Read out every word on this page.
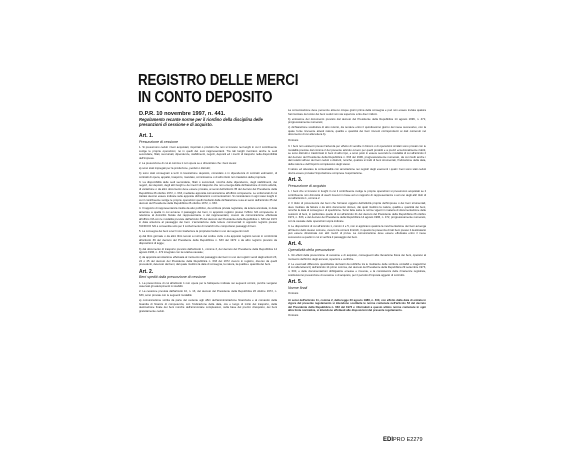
REGISTRO DELLE MERCI
IN CONTO DEPOSITO
D.P.R. 10 novembre 1997, n. 441.
Regolamento recante norme per il riordino della disciplina delle presunzioni di cessione e di acquisto.
Art. 1.
Presunzione di cessione
1. Si presumono ceduti i beni acquistati, importati o prodotti che non si trovano nei luoghi in cui il contribuente svolge le proprie operazioni, né in quelli dei suoi rappresentanti. Tra tali luoghi rientrano anche le sedi secondarie, filiali, succursali, dipendenze, stabilimenti, negozi, depositi ed i mezzi di trasporto nella disponibilità dell'impresa.
2. La presunzione di cui al comma 1 non opera se è dimostrato che i beni stessi:
a) sono stati impiegati per la produzione, perduti o distrutti;
b) sono stati consegnati a terzi in lavorazione deposito, comodato o in dipendenza di contratti estimatori, di contratti di opera, appalto, trasporto, mandato, commissione o di altro titolo non traslativo della proprietà.
3. La disponibilità delle sedi secondarie, filiali o succursali, nonché delle dipendenze, degli stabilimenti, dei negozi, dei depositi, degli altri luoghi e dei mezzi di trasporto che non emerga dalla dichiarazione di inizio attività, di variazione o da altro documento deve essere provata, ai sensi dell'articolo 35 del decreto del Presidente della Repubblica 26 ottobre 1972, n. 633, mediante apposita comunicazione all'ufficio competente. Le unità locali di cui trattasi devono essere indicate nelle apposite dichiarazioni o comunicazioni. Si considerano in ogni caso luoghi in cui il contribuente svolge le proprie operazioni quelli risultanti dalla dichiarazione resa ai sensi dell'articolo 35 del decreto del Presidente della Repubblica 26 ottobre 1972, n. 633.
4. Il rapporto di rappresentanza risulta da atto pubblico, da scrittura privata registrata, da lettera annotata, in data anteriore a quella in cui avviene il passaggio dei beni, in apposito registro presso l'ufficio IVA competente in relazione al domicilio fiscale del rappresentante o del rappresentato, ovvero da comunicazione effettuata all'ufficio IVA con le modalità previste dall'articolo 35 del decreto del Presidente della Repubblica n. 633 del 1972 in data anteriore al passaggio dei beni. L'annotazione delle lettere commerciali in apposito registro presso l'UFFICIO IVA è consentita solo per il conferimento di incarichi che comportano passaggi di beni.
5. La consegna dei beni a terzi non trasferisce la proprietà risulta in uno dei seguenti modi:
a) dal libro giornale o da altro libro tenuto a norma del codice civile o da apposito registro tenuto in conformità all'articolo 39 del decreto del Presidente della Repubblica n. 633 del 1972 o da altro registro previsto da disposizioni di legge;
b) dal documento di trasporto previsto dall'articolo 1, comma 3, del decreto del Presidente della Repubblica 14 agosto 1996, n. 472 integrato con la relativa causale;
c) da apposita annotazione effettuata al momento del passaggio dei beni in uno dei registri vendi dagli articoli 23, 24 o 25 del decreto del Presidente della Repubblica n. 633 del 1972 ovvero in registro, diverso da quelli precedenti, detenuto dai beni, dal quale risultino la data di consegna, la natura, la qualità e quantità dei beni.
Art. 2.
Beni spediti dalla presunzione di cessione
1. La presunzione di cui all'articolo 1 non opera per le fattispecie indicate nei seguenti commi, purché vengano osservati gli adempimenti ivi stabiliti.
2. La cessione prevista dall'articolo 10, n. 13, del decreto del Presidente della Repubblica 26 ottobre 1972, n. 633, sono provate con le seguenti modalità:
a) comunicazione scritta da parte del cedente agli uffici dell'amministrazione finanziaria e al comando della Guardia di finanza di competenza, con l'indicazione della data, ora e luogo di inizio del trasporto, della destinazione finale dei beni nonché dell'ammontare complessivo, sulla base del prezzo d'acquisto, dei beni gratuitamente ceduti.
La comunicazione deve pervenire almeno cinque giorni prima della consegna e può non essere inviata qualora l'ammontare del costo dei beni ceduti non sia superiore a lire dieci milioni.
b) emissione del documento previsto dal decreto del Presidente della Repubblica 14 agosto 1996, n. 472, progressivamente numerato;
c) dichiarazione sostitutiva di atto notorio, da rendere entro il quindicesimo giorno del mese successivo, con la quale l'ente ricevente attesti natura, qualità e quantità dei beni ricevuti corrispondenti ai dati contenuti nel documento di cui alla lettera b).
Omissis
3. I beni non esistenti presso l'azienda per effetto di vendite in blocco o di operazioni similari sono provati con le modalità previste dal comma 2 del presente articolo ovvero per quelli prodotti e a prezzi eccezionalmente ridotti, se sono distrutti o trasformati in beni di altro tipo, e sono posti in essere secondo le modalità di cui all'articolo 2 del decreto del Presidente della Repubblica n. 633 del 1996, progressivamente numerato, da cui risulti anche i dati relativi all'uso dei beni ceduti o distrutti, nonché, qualora si tratti di beni strumentali, l'indicazione della data, della natura e dell'importo complessivo degli stessi.
Il valore ed attestare la contestualità con annotazione nei registri degli esercenti i quali i beni sono stati ceduti dovrà essere provata l'importazione comprese l'esportazione.
Art. 3.
Presunzione di acquisto
1. I beni che si trovano in luoghi in cui il contribuente svolge le proprie operazioni si presumono acquistati se il contribuente non dimostra di averli ricevuti in base ad un rapporto di rappresentanza o ad uno degli altri titoli di cui all'articolo 1, comma 2.
2. Il titolo di provenienza dei beni che formano oggetto dell'attività propria dell'impresa o dei beni strumentali, deve risultare da fattura o da altro documento idoneo, dai quali risultino la natura, qualità e quantità dei beni, nonché la data di consegna o di spedizione. Sono fatte salve le norme vigenti in materia di documentazione delle cessioni di beni, in particolare quelle di cui all'articolo 21 del decreto del Presidente della Repubblica 26 ottobre 1972, n. 633, e del decreto del Presidente della Repubblica 14 agosto 1996, n. 472, progressivamente numerato, con la causale delle operazioni sopra indicate.
3. Le disposizioni di cui all'articolo 1, commi 4 e 5, non si applicano qualora la movimentazione dei beni avvenga all'interno dello stesso comune, ovvero tra comuni limitrofi, in quanto la presenza di tali beni presso il destinatario può essere dimostrata con altri mezzi di prova. La comunicazione deve essere effettuata entro il mese successivo a quello in cui si verifica il passaggio dei beni.
Art. 4.
Operatività della presunzione
1. Gli effetti della presunzione di cessione e di acquisto, conseguenti alla rilevazione fisica dei beni, operano al momento dell'inizio degli accessi, ispezioni e verifiche.
2. Le eventuali differenze quantitative derivanti da rettifiche tra le risultanze delle scritture contabili e magazzino di cui alla lettera b) dell'articolo 14 primo comma, del decreto del Presidente della Repubblica 29 settembre 1973, n. 600, e delle documentazioni obbligatorie emesse e ricevute, e la consistenza delle rimanenze registrate, costituiscono presunzione di cessione o di acquisto, per il periodo d'imposta oggetto di controllo.
Art. 5.
Norme finali
Omissis
Ai sensi dell'articolo 11, comma 2, della legge 23 agosto 1988, n. 400, con effetto dalla data di entrata in vigore del presente regolamento si intendono sostituite le norme contenute nell'articolo 53 del decreto del Presidente della Repubblica n. 633 del 1972 e riformulati a questo ultimo norme contenute in ogni altra fonte normativa, si intendono effettuati alle disposizioni del presente regolamento.
Omissis
EDIPRO E2279
